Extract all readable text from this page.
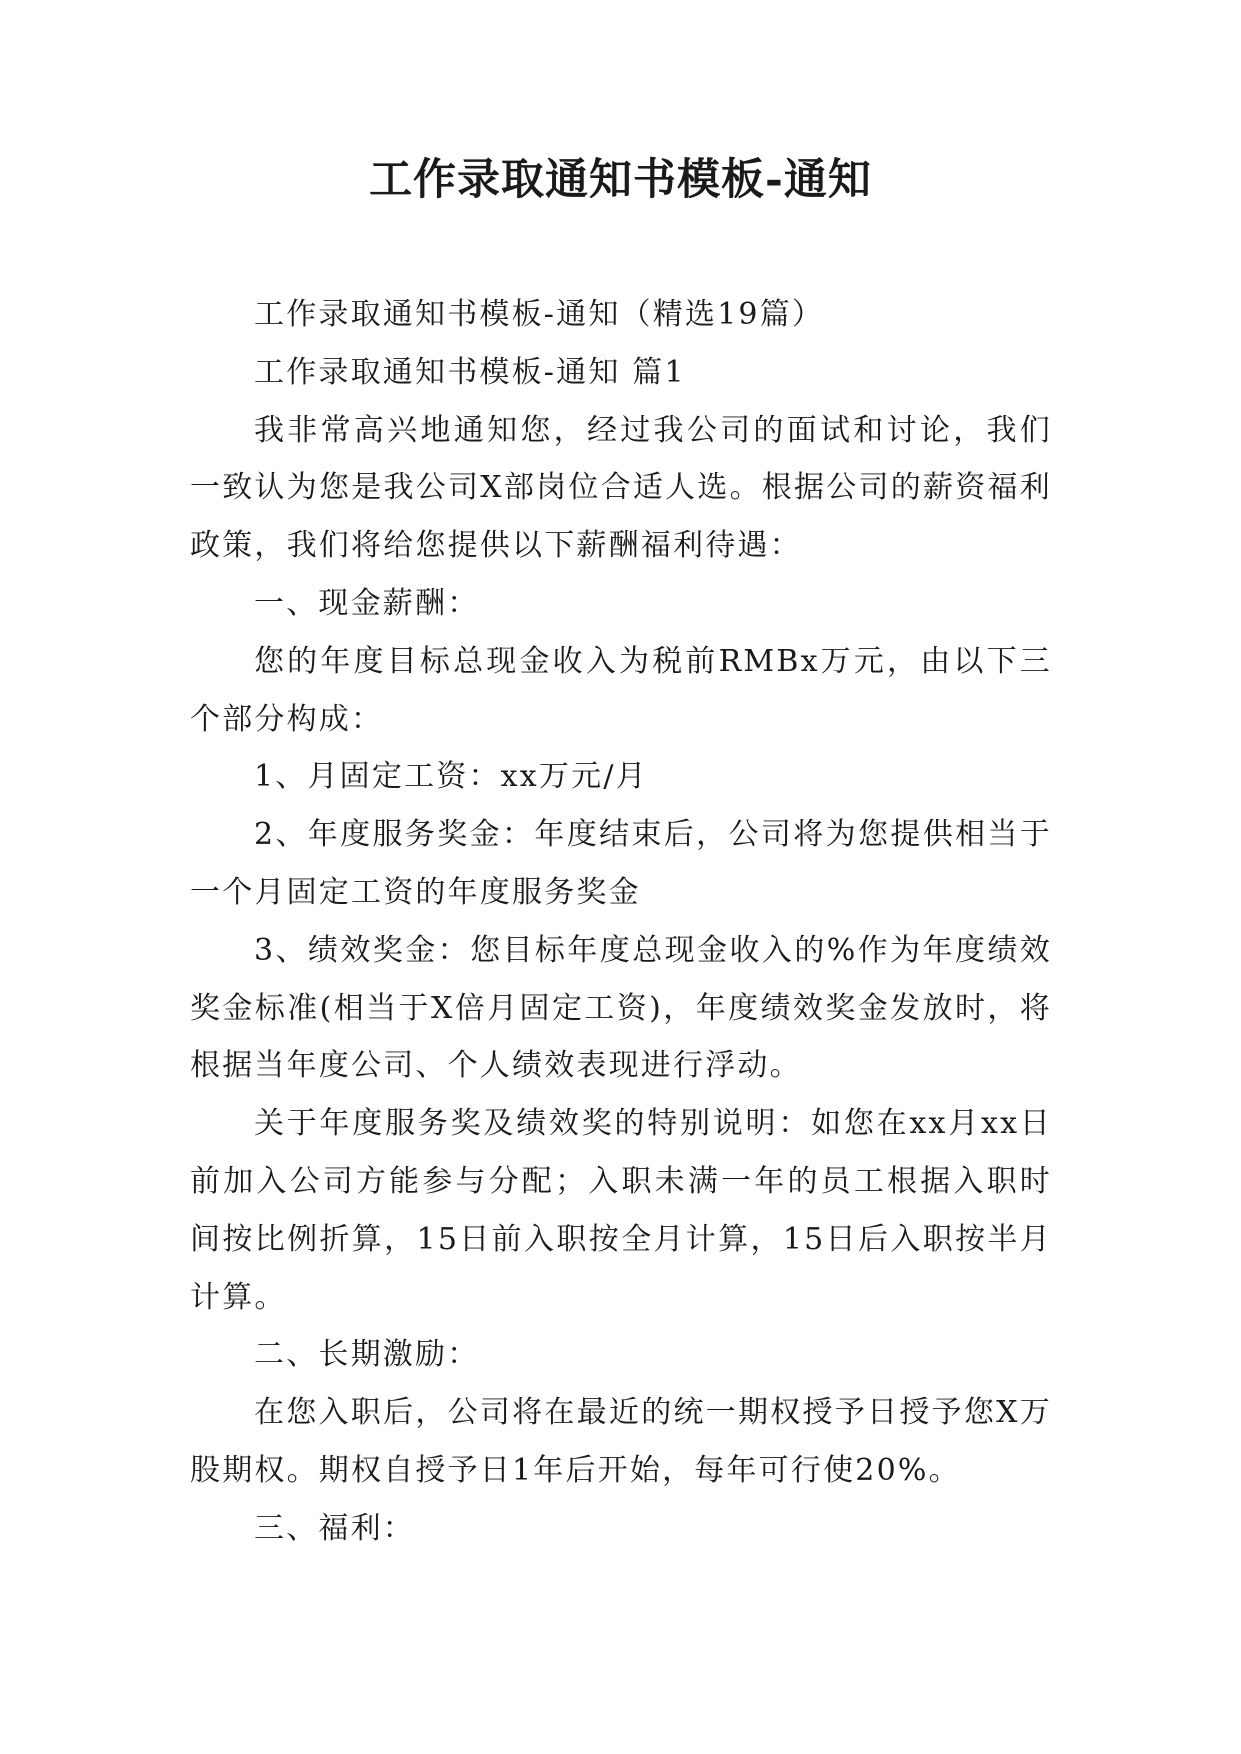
工作录取通知书模板-通知

工作录取通知书模板-通知（精选19篇）

工作录取通知书模板-通知 篇1

我非常高兴地通知您，经过我公司的面试和讨论，我们一致认为您是我公司X部岗位合适人选。根据公司的薪资福利政策，我们将给您提供以下薪酬福利待遇：

一、现金薪酬：

您的年度目标总现金收入为税前RMBx万元，由以下三个部分构成：

1、月固定工资：xx万元/月

2、年度服务奖金：年度结束后，公司将为您提供相当于一个月固定工资的年度服务奖金

3、绩效奖金：您目标年度总现金收入的%作为年度绩效奖金标准(相当于X倍月固定工资)，年度绩效奖金发放时，将根据当年度公司、个人绩效表现进行浮动。

关于年度服务奖及绩效奖的特别说明：如您在xx月xx日前加入公司方能参与分配；入职未满一年的员工根据入职时间按比例折算，15日前入职按全月计算，15日后入职按半月计算。

二、长期激励：

在您入职后，公司将在最近的统一期权授予日授予您X万股期权。期权自授予日1年后开始，每年可行使20%。

三、福利：
